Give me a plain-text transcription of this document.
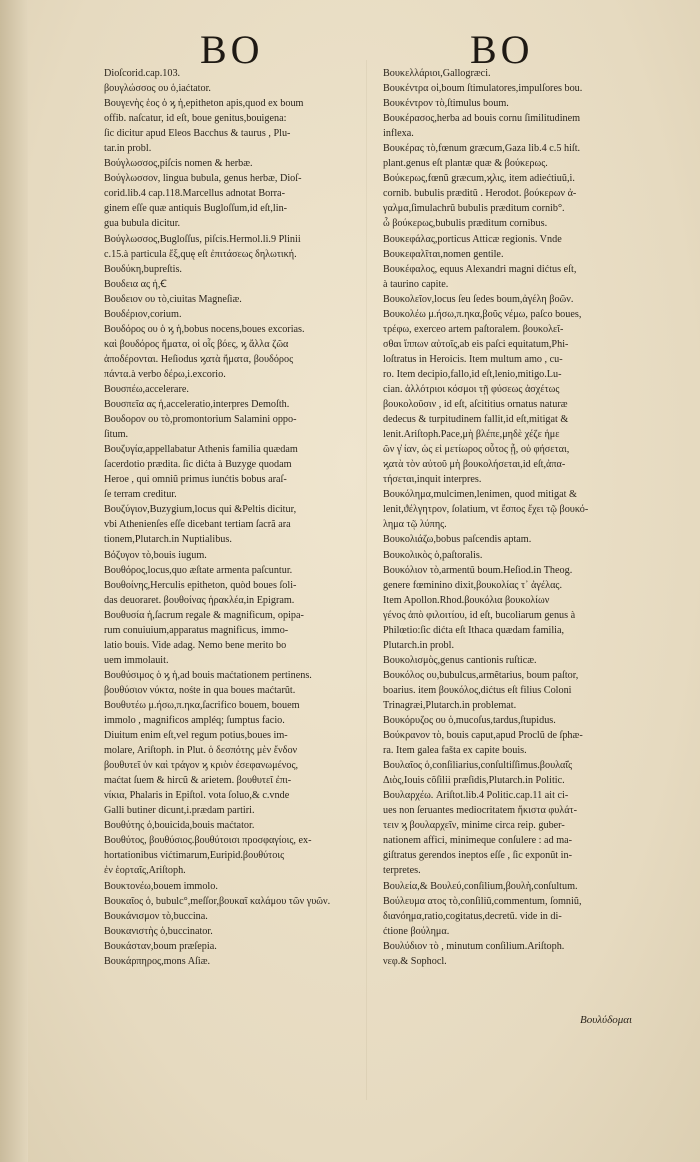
BO	BO
Dioſcorid.cap.103.
βουγλώσσος ου ὁ,iaćtator.
Βουγενὴς ἑος ὁ ϗ ἡ,epitheton apis,quod ex boum
offib. naſcatur, id eſt, boue genitus,bouigena:
ſic dicitur apud Eleos Bacchus & taurus , Plu-
tar.in probl.
Βούγλωσσος,piſcis nomen & herbæ.
Βούγλωσσον, lingua bubula, genus herbæ, Dioſ-
corid.lib.4 cap.118.Marcellus adnotat Borra-
ginem eſſe quæ antiquis Bugloſſum,id eſt,lin-
gua bubula dicitur.
Βούγλωσσος,Bugloſſus, piſcis.Hermol.li.9 Plinii
c.15.à particula ἔξ,quę eſt ἐπιτάσεως δηλωτική.
Βουδύκη,bupreſtis.
Βουδεια ας ἡ,Ꞓ
Βουδειον ου τὸ,ciuitas Magneſiæ.
Βουδέριον,corium.
Βουδόρος ου ὁ ϗ ἡ,bobus nocens,boues excorias.
καὶ βουδόρος ἤματα, οἱ οἷς βόες, ϗ ἄλλα ζῶα
ἀποδέρονται. Heſiodus ϗατὰ ἤματα, βουδόρος
πάντα.à verbo δέρω,i.excorio.
Βουσπέω,accelerare.
Βουσπεῖα ας ἡ,acceleratio,interpres Demoſth.
Βουδορον ου τὸ,promontorium Salamini oppo-
ſitum.
Βουζυγία,appellabatur Athenis familia quædam
ſacerdotio prædita. ſic dićta à Buzyge quodam
Heroe , qui omniũ primus iunćtis bobus araſ-
ſe terram creditur.
Βουζύγιον,Buzygium,locus qui &Peltis dicitur,
vbi Athenienſes eſſe dicebant tertiam ſacrã ara
tionem,Plutarch.in Nuptialibus.
Βόζυγον τὸ,bouis iugum.
Βουθόρος,locus,quo æſtate armenta paſcuntur.
Βουθοίνης,Herculis epitheton, quòd boues ſoli-
das deuoraret. βουθοίνας ἡρακλέα,in Epigram.
Βουθυσία ἡ,ſacrum regale & magnificum, opipa-
rum conuiuium,apparatus magnificus, immo-
latio bouis. Vide adag. Nemo bene merito bo
uem immolauit.
Βουθύσιμος ὁ ϗ ἡ,ad bouis maćtationem pertinens.
βουθύσιον νύκτα, nośte in qua boues maćtarũt.
Βουθυτέω μ.ήσω,π.ηκα,ſacrifico bouem, bouem
immolo , magnificos ampléq; ſumptus facio.
Diuitum enim eſt,vel regum potius,boues im-
molare, Ariſtoph. in Plut. ὁ δεσπότης μὲν ἔνδον
βουθυτεῖ ὑν καὶ τράγον ϗ κριὸν ἐσεφανωμένος,
maćtat ſuem & hircũ & arietem. βουθυτεῖ ἐπι-
νίκια, Phalaris in Epiſtol. vota ſoluo,& c.vnde
Galli butiner dicunt,i.prædam partiri.
Βουθύτης ὁ,bouicida,bouis maćtator.
Βουθύτος, βουθύσιος.βουθύτοισι προσφαγίοις, ex-
hortationibus vićtimarum,Euripid.βουθύτοις
ἐν ἑορταῖς,Ariſtoph.
Βουκτονέω,bouem immolo.
Βουκαῖος ὁ, bubulc°,meſſor,βουκαῖ καλάμου τῶν γυῶν.
Βουκάνισμον τὸ,buccina.
Βουκανιστὴς ὁ,buccinator.
Βουκάσταν,boum præſepia.
Βουκάρπηρος,mons Aſiæ.
Βουκελλάριοι,Gallogræci.
Βουκέντρα οἱ,boum ſtimulatores,impulſores bou.
Βουκέντρον τὸ,ſtimulus boum.
Βουκέρασος,herba ad bouis cornu ſimilitudinem
inflexa.
Βουκέρας τὸ,fœnum græcum,Gaza lib.4 c.5 hiſt.
plant.genus eſt plantæ quæ & βούκερως.
Βούκερως,fœnũ græcum,ϗλις, item adiećtiuũ,i.
cornib. bubulis præditũ . Herodot. βούκερων ἀ-
γαλμα,ſimulachrũ bubulis præditum cornib°.
ὦ βούκερως,bubulis præditum cornibus.
Βουκεφάλας,porticus Atticæ regionis. Vnde
Βουκεφαλῖται,nomen gentile.
Βουκέφαλος, equus Alexandri magni dićtus eſt,
à taurino capite.
Βουκολεῖον,locus ſeu ſedes boum,ἀγέλη βοῶν.
Βουκολέω μ.ήσω,π.ηκα,βοῦς νέμω, paſco boues,
τρέφω, exerceo artem paſtoralem. βουκολεῖ-
σθαι ἵππων αὐτοῖς,ab eis paſci equitatum,Phi-
loſtratus in Heroicis. Item multum amo , cu-
ro. Item decipio,fallo,id eſt,lenio,mitigo.Lu-
cian. ἀλλότριοι κόσμοι τῇ φύσεως ἀσχέτως
βουκολοῦσιν , id eſt, aſcititius ornatus naturæ
dedecus & turpitudinem fallit,id eſt,mitigat &
lenit.Ariſtoph.Pace,μὴ βλέπε,μηδὲ χέζε ἡμε
ῶν γ̓ ίαν, ὡς εἰ μετίωρος οὗτος ᾖ, οὐ φήσεται,
ϗατὰ τὸν αὐτοῦ μὴ βουκολήσεται,id eſt,ἀπα-
τήσεται,inquit interpres.
Βουκόλημα,mulcimen,lenimen, quod mitigat &
lenit,ϑέλγητρον, ſolatium, vt ἔσπος ἔχει τῷ βουκό-
λημα τῷ λύπης.
Βουκολιάζω,bobus paſcendis aptam.
Βουκολικὸς ὁ,paſtoralis.
Βουκόλιον τὸ,armentũ boum.Heſiod.in Theog.
genere fœminino dixit,βουκολίας τ᾽ ἀγέλας.
Item Apollon.Rhod.βουκόλια βουκολίων
γένος ἀπὸ φιλοιτίου, id eſt, bucoliarum genus à
Philœtio:ſic dićta eſt Ithaca quædam familia,
Plutarch.in probl.
Βουκολισμὸς,genus cantionis ruſticæ.
Βουκόλος ου,bubulcus,armẽtarius, boum paſtor,
boarius. item βουκόλος,dićtus eſt filius Coloni
Trinagræi,Plutarch.in problemat.
Βουκόρυζος ου ὁ,mucoſus,tardus,ſtupidus.
Βούκρανον τὸ, bouis caput,apud Proclũ de ſphæ-
ra. Item galea fašta ex capite bouis.
Βουλαῖος ὁ,conſiliarius,conſultiſſimus.βουλαῖ̓ς
Διὸς,Iouis cõſilii præſidis,Plutarch.in Politic.
Βουλαρχέω. Ariſtot.lib.4 Politic.cap.11 ait ci-
ues non ſeruantes mediocritatem ἥκιστα φυλάτ-
τειν ϗ βουλαρχεῖν, minime circa reip. guber-
nationem affici, minimeque conſulere : ad ma-
giſtratus gerendos ineptos eſſe , ſic exponũt in-
terpretes.
Βουλεία,& Βουλεύ,conſilium,βουλὴ,conſultum.
Βούλευμα ατος τὸ,conſiliũ,commentum, ſomniũ,
διανόημα,ratio,cogitatus,decretũ. vide in di-
ćtione βούλημα.
Βουλύδιον τὸ , minutum conſilium.Ariſtoph.
νεφ.& Sophocl.
Βουλύδομαι
